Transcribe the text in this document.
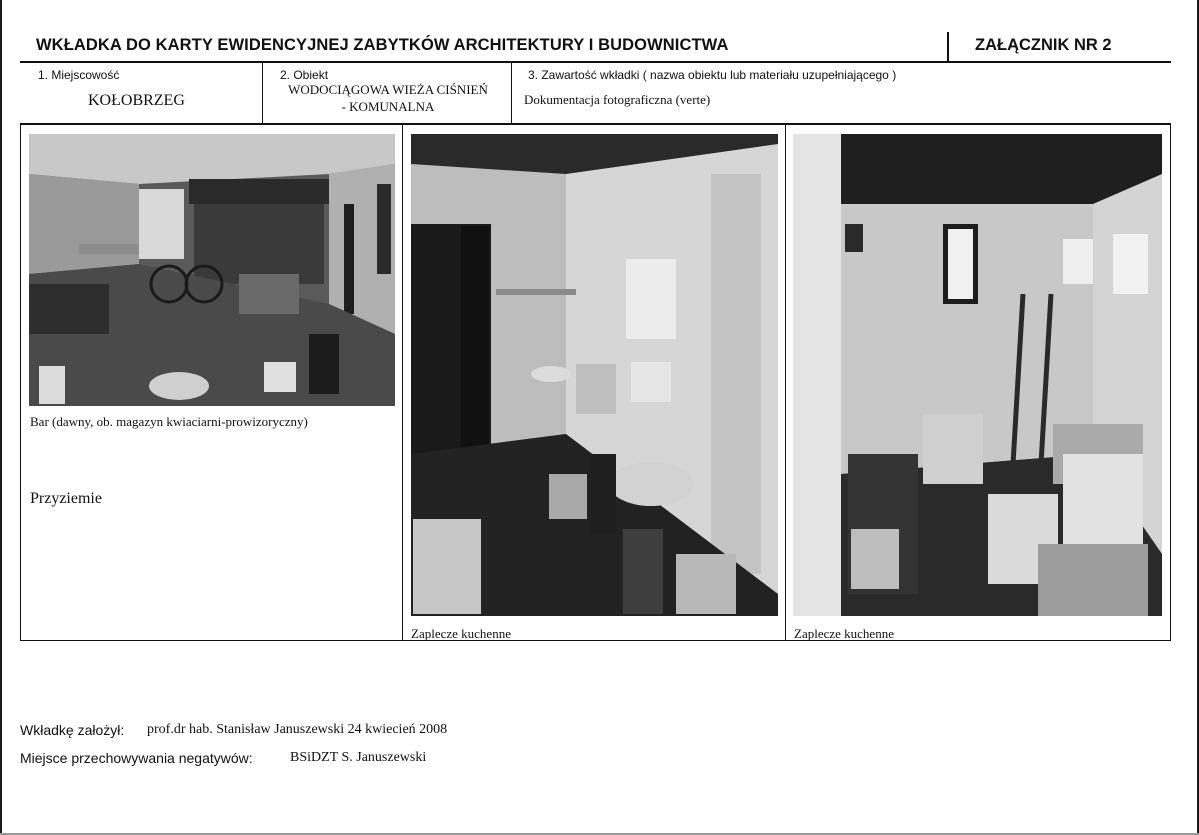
WKŁADKA DO KARTY EWIDENCYJNEJ ZABYTKÓW ARCHITEKTURY I BUDOWNICTWA	ZAŁĄCZNIK NR 2
1. Miejscowość
KOŁOBRZEG
2. Obiekt
WODOCIĄGOWA WIEŻA CIŚNIEŃ
- KOMUNALNA
3. Zawartość wkładki ( nazwa obiektu lub materiału uzupełniającego )
Dokumentacja fotograficzna (verte)
Bar (dawny, ob. magazyn kwiaciarni-prowizoryczny)
Przyziemie
Zaplecze kuchenne	Zaplecze kuchenne
Wkładkę założył: prof.dr hab. Stanisław Januszewski 24 kwiecień 2008
Miejsce przechowywania negatywów:	BSiDZT S. Januszewski
